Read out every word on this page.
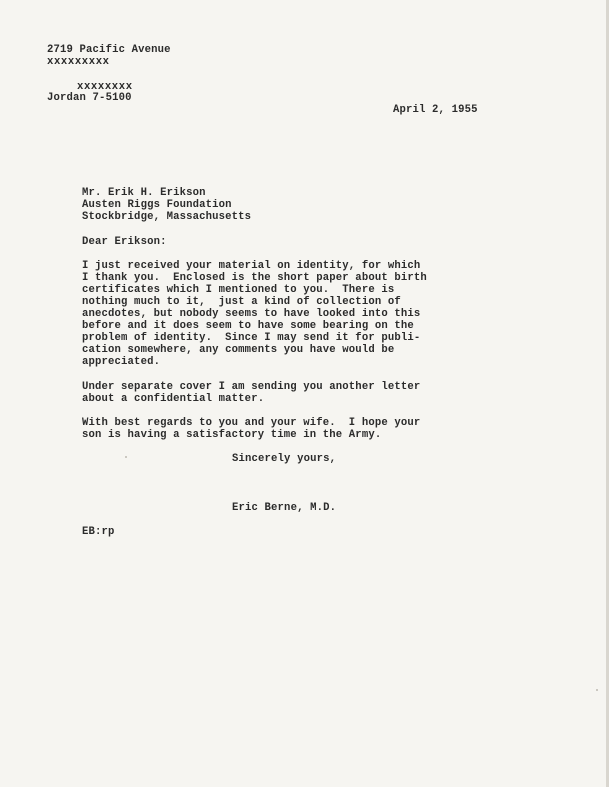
2719 Pacific Avenue
xxxxxxxxx
xxxxxxxx
Jordan 7-5100
April 2, 1955
Mr. Erik H. Erikson
Austen Riggs Foundation
Stockbridge, Massachusetts
Dear Erikson:
I just received your material on identity, for which
I thank you.  Enclosed is the short paper about birth
certificates which I mentioned to you.  There is
nothing much to it,  just a kind of collection of
anecdotes, but nobody seems to have looked into this
before and it does seem to have some bearing on the
problem of identity.  Since I may send it for publi-
cation somewhere, any comments you have would be
appreciated.
Under separate cover I am sending you another letter
about a confidential matter.
With best regards to you and your wife.  I hope your
son is having a satisfactory time in the Army.
Sincerely yours,
Eric Berne, M.D.
EB:rp
